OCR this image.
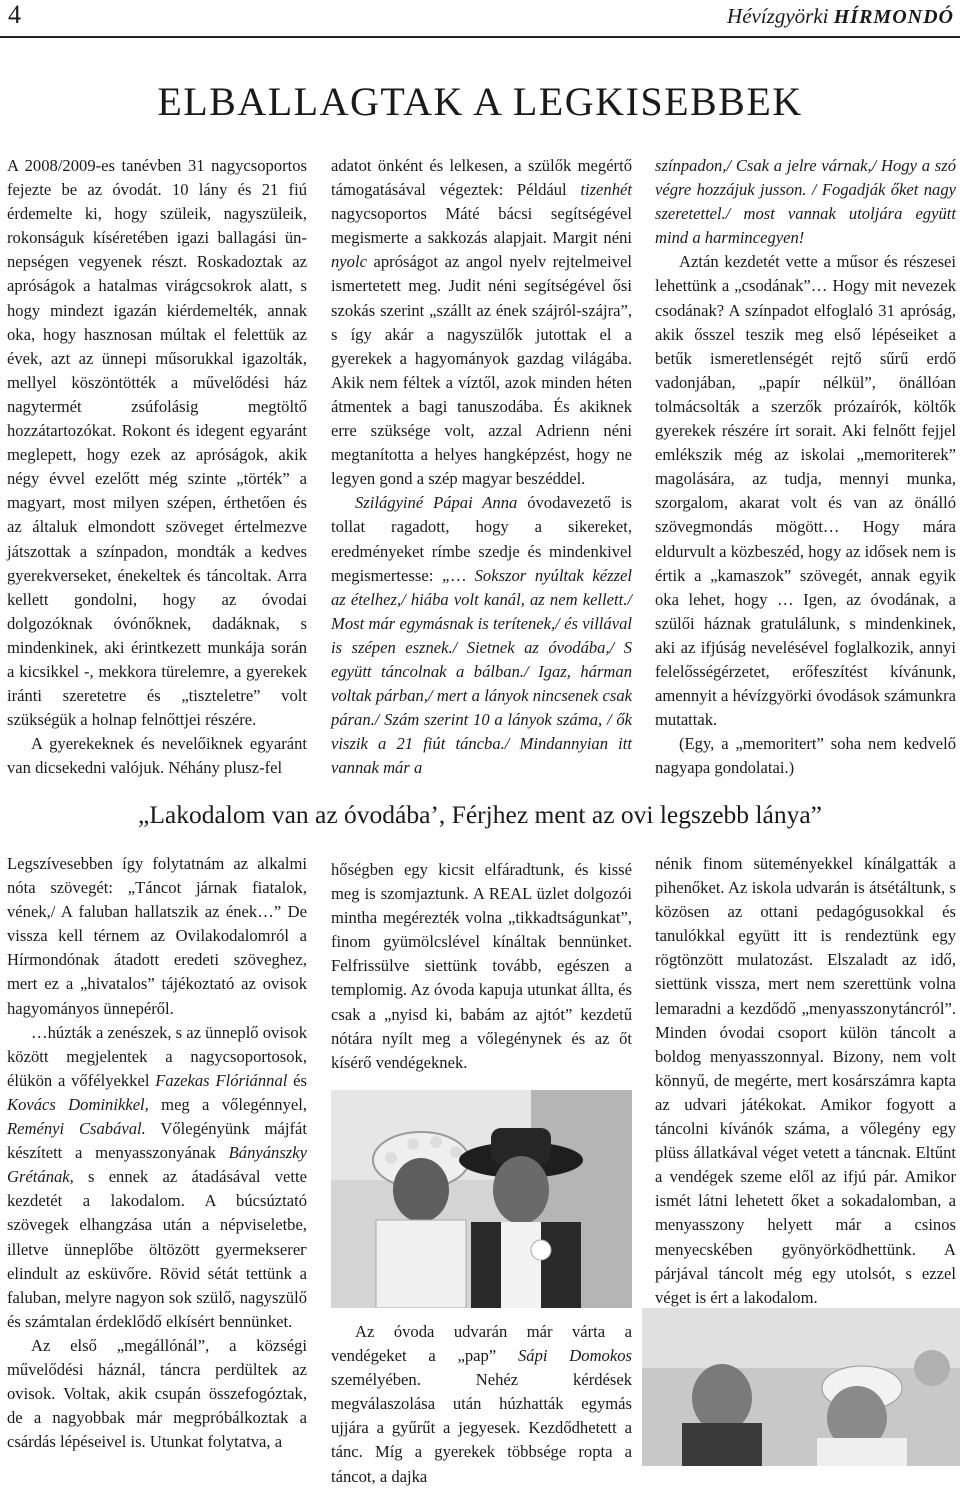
4	Hévízgyörki HÍRMONDÓ
ELBALLAGTAK A LEGKISEBBEK

A 2008/2009-es tanévben 31 nagycsoportos fejezte be az óvodát. 10 lány és 21 fiú érdemelte ki, hogy szüleik, nagyszüleik, rokonságuk kíséretében igazi ballagási ünnepségen vegyenek részt. Roskadoztak az apróságok a hatalmas virágcsokrok alatt, s hogy mindezt igazán kiérdemelték, annak oka, hogy hasznosan múltak el felettük az évek, azt az ünnepi műsorukkal igazolták, mellyel köszöntötték a művelődési ház nagytermét zsúfolásig megtöltő hozzátartozókat. Rokont és idegent egyaránt meglepett, hogy ezek az apróságok, akik négy évvel ezelőtt még szinte „törték” a magyart, most milyen szépen, érthetően és az általuk elmondott szöveget értelmezve játszottak a színpadon, mondták a kedves gyerekverseket, énekeltek és táncoltak. Arra kellett gondolni, hogy az óvodai dolgozóknak óvónőknek, dadáknak, s mindenkinek, aki érintkezett munkája során a kicsikkel -, mekkora türelemre, a gyerekek iránti szeretetre és „tiszteletre” volt szükségük a holnap felnőttjei részére.

A gyerekeknek és nevelőiknek egyaránt van dicsekedni valójuk. Néhány plusz-fel

adatot önként és lelkesen, a szülők megértő támogatásával végeztek: Például tizenhét nagycsoportos Máté bácsi segítségével megismerte a sakkozás alapjait. Margit néni nyolc apróságot az angol nyelv rejtelmeivel ismertetett meg. Judit néni segítségével ősi szokás szerint „szállt az ének szájról-szájra”, s így akár a nagyszülők jutottak el a gyerekek a hagyományok gazdag világába. Akik nem féltek a víztől, azok minden héten átmentek a bagi tanuszodába. És akiknek erre szüksége volt, azzal Adrienn néni megtanította a helyes hangképzést, hogy ne legyen gond a szép magyar beszéddel.

Szilágyiné Pápai Anna óvodavezető is tollat ragadott, hogy a sikereket, eredményeket rímbe szedje és mindenkivel megismertesse: „… Sokszor nyúltak kézzel az ételhez,/ hiába volt kanál, az nem kellett./ Most már egymásnak is terítenek,/ és villával is szépen esznek./ Sietnek az óvodába,/ S együtt táncolnak a bálban./ Igaz, hárman voltak párban,/ mert a lányok nincsenek csak páran./ Szám szerint 10 a lányok száma, / ők viszik a 21 fiút táncba./ Mindannyian itt vannak már a

színpadon,/ Csak a jelre várnak,/ Hogy a szó végre hozzájuk jusson. / Fogadják őket nagy szeretettel./ most vannak utoljára együtt mind a harmincegyen!

Aztán kezdetét vette a műsor és részesei lehettünk a „csodának”… Hogy mit nevezek csodának? A színpadot elfoglaló 31 apróság, akik ősszel teszik meg első lépéseiket a betűk ismeretlenségét rejtő sűrű erdő vadonjában, „papír nélkül”, önállóan tolmácsolták a szerzők prózaírók, költők gyerekek részére írt sorait. Aki felnőtt fejjel emlékszik még az iskolai „memoriterek” magolására, az tudja, mennyi munka, szorgalom, akarat volt és van az önálló szövegmondás mögött… Hogy mára eldurvult a közbeszéd, hogy az idősek nem is értik a „kamaszok” szövegét, annak egyik oka lehet, hogy … Igen, az óvodának, a szülői háznak gratulálunk, s mindenkinek, aki az ifjúság nevelésével foglalkozik, annyi felelősségérzetet, erőfeszítést kívánunk, amennyit a hévízgyörki óvodások számunkra mutattak.

(Egy, a „memoritert” soha nem kedvelő nagyapa gondolatai.)

„Lakodalom van az óvodába’, Férjhez ment az ovi legszebb lánya”

Legszívesebben így folytatnám az alkalmi nóta szövegét: „Táncot járnak fiatalok, vének,/ A faluban hallatszik az ének…” De vissza kell térnem az Ovilakodalomról a Hírmondónak átadott eredeti szöveghez, mert ez a „hivatalos” tájékoztató az ovisok hagyományos ünnepéről.

…húzták a zenészek, s az ünneplő ovisok között megjelentek a nagycsoportosok, élükön a vőfélyekkel Fazekas Flóriánnal és Kovács Dominikkel, meg a vőlegénnyel, Reményi Csabával. Vőlegényünk májfát készített a menyasszonyának Bányánszky Grétának, s ennek az átadásával vette kezdetét a lakodalom. A búcsúztató szövegek elhangzása után a népviseletbe, illetve ünneplőbe öltözött gyermekserег elindult az esküvőre. Rövid sétát tettünk a faluban, melyre nagyon sok szülő, nagyszülő és számtalan érdeklődő elkísért bennünket.

Az első „megállónál”, a községi művelődési háznál, táncra perdültek az ovisok. Voltak, akik csupán összefogóztak, de a nagyobbak már megpróbálkoztak a csárdás lépéseivel is. Utunkat folytatva, a

hőségben egy kicsit elfáradtunk, és kissé meg is szomjaztunk. A REAL üzlet dolgozói mintha megérezték volna „tikkadtságunkat”, finom gyümölcslével kínáltak bennünket. Felfrissülve siettünk tovább, egészen a templomig. Az óvoda kapuja utunkat állta, és csak a „nyisd ki, babám az ajtót” kezdetű nótára nyílt meg a vőlegénynek és az őt kísérő vendégeknek.

Az óvoda udvarán már várta a vendégeket a „pap” Sápi Domokos személyében. Nehéz kérdések megválaszolása után húzhatták egymás ujjára a gyűrűt a jegyesek. Kezdődhetett a tánc. Míg a gyerekek többsége ropta a táncot, a dajka

nénik finom süteményekkel kínálgatták a pihenőket. Az iskola udvarán is átsétáltunk, s közösen az ottani pedagógusokkal és tanulókkal együtt itt is rendeztünk egy rögtönzött mulatozást. Elszaladt az idő, siettünk vissza, mert nem szerettünk volna lemaradni a kezdődő „menyasszonytáncról”. Minden óvodai csoport külön táncolt a boldog menyasszonnyal. Bizony, nem volt könnyű, de megérte, mert kosárszámra kapta az udvari játékokat. Amikor fogyott a táncolni kívánók száma, a vőlegény egy plüss állatkával véget vetett a táncnak. Eltűnt a vendégek szeme elől az ifjú pár. Amikor ismét látni lehetett őket a sokadalomban, a menyasszony helyett már a csinos menyecskében gyönyörködhettünk. A párjával táncolt még egy utolsót, s ezzel véget is ért a lakodalom.
